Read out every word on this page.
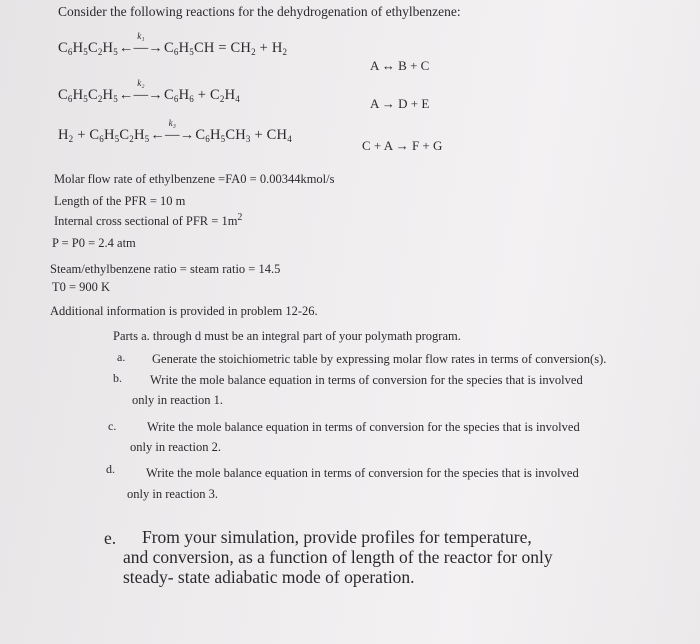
Consider the following reactions for the dehydrogenation of ethylbenzene:
$C_6H_5C_2H_5$
k₁
$\leftarrow—\to C_6H_5CH = CH_2 + H_2$
A ↔ B + C
$C_6H_5C_2H_5$
k₂
$\leftarrow—\to C_6H_6 + C_2H_4$	A → D + E
$H_2 + C_6H_5C_2H_5$
k₃
$\leftarrow—\to C_6H_5CH_3 + CH_4$	C + A → F + G
Molar flow rate of ethylbenzene =FA0 = 0.00344kmol/s
Length of the PFR = 10 m
Internal cross sectional of PFR = $1m^2$
P = P0 = 2.4 atm
Steam/ethylbenzene ratio = steam ratio = 14.5
T0 = 900 K
Additional information is provided in problem 12-26.
Parts a. through d must be an integral part of your polymath program.
a. Generate the stoichiometric table by expressing molar flow rates in terms of conversion(s).
b. Write the mole balance equation in terms of conversion for the species that is involved
only in reaction 1.
c. Write the mole balance equation in terms of conversion for the species that is involved
only in reaction 2.
d. Write the mole balance equation in terms of conversion for the species that is involved
only in reaction 3.
e. From your simulation, provide profiles for temperature,
and conversion, as a function of length of the reactor for only
steady- state adiabatic mode of operation.
